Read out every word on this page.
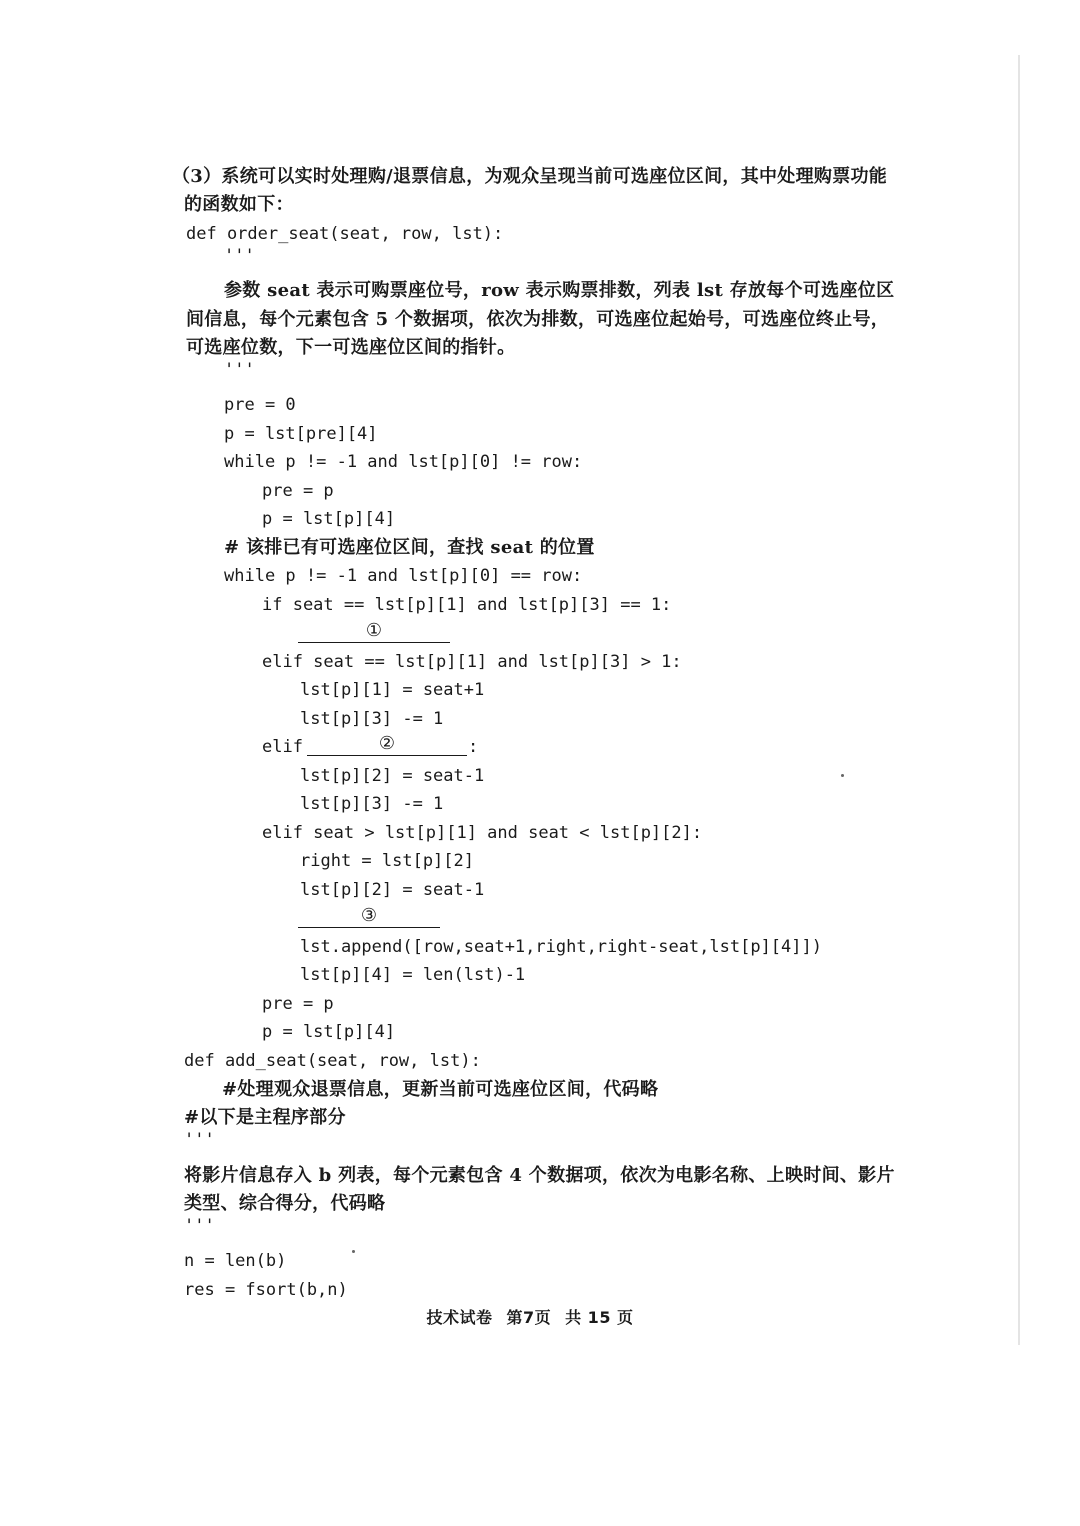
（3）系统可以实时处理购/退票信息，为观众呈现当前可选座位区间，其中处理购票功能
的函数如下：
def order_seat(seat, row, lst):
'''
参数 seat 表示可购票座位号，row 表示购票排数，列表 lst 存放每个可选座位区
间信息，每个元素包含 5 个数据项，依次为排数，可选座位起始号，可选座位终止号，
可选座位数，下一可选座位区间的指针。
'''
pre = 0
p = lst[pre][4]
while p != -1 and lst[p][0] != row:
pre = p
p = lst[p][4]
# 该排已有可选座位区间，查找 seat 的位置
while p != -1 and lst[p][0] == row:
if seat == lst[p][1] and lst[p][3] == 1:
①
elif seat == lst[p][1] and lst[p][3] > 1:
lst[p][1] = seat+1
lst[p][3] -= 1
elif	②	:
lst[p][2] = seat-1
lst[p][3] -= 1
elif seat > lst[p][1] and seat < lst[p][2]:
right = lst[p][2]
lst[p][2] = seat-1
③
lst.append([row,seat+1,right,right-seat,lst[p][4]])
lst[p][4] = len(lst)-1
pre = p
p = lst[p][4]
def add_seat(seat, row, lst):
#处理观众退票信息，更新当前可选座位区间，代码略
#以下是主程序部分
'''
将影片信息存入 b 列表，每个元素包含 4 个数据项，依次为电影名称、上映时间、影片
类型、综合得分，代码略
'''
n = len(b)
res = fsort(b,n)
技术试卷 第7页 共 15 页
